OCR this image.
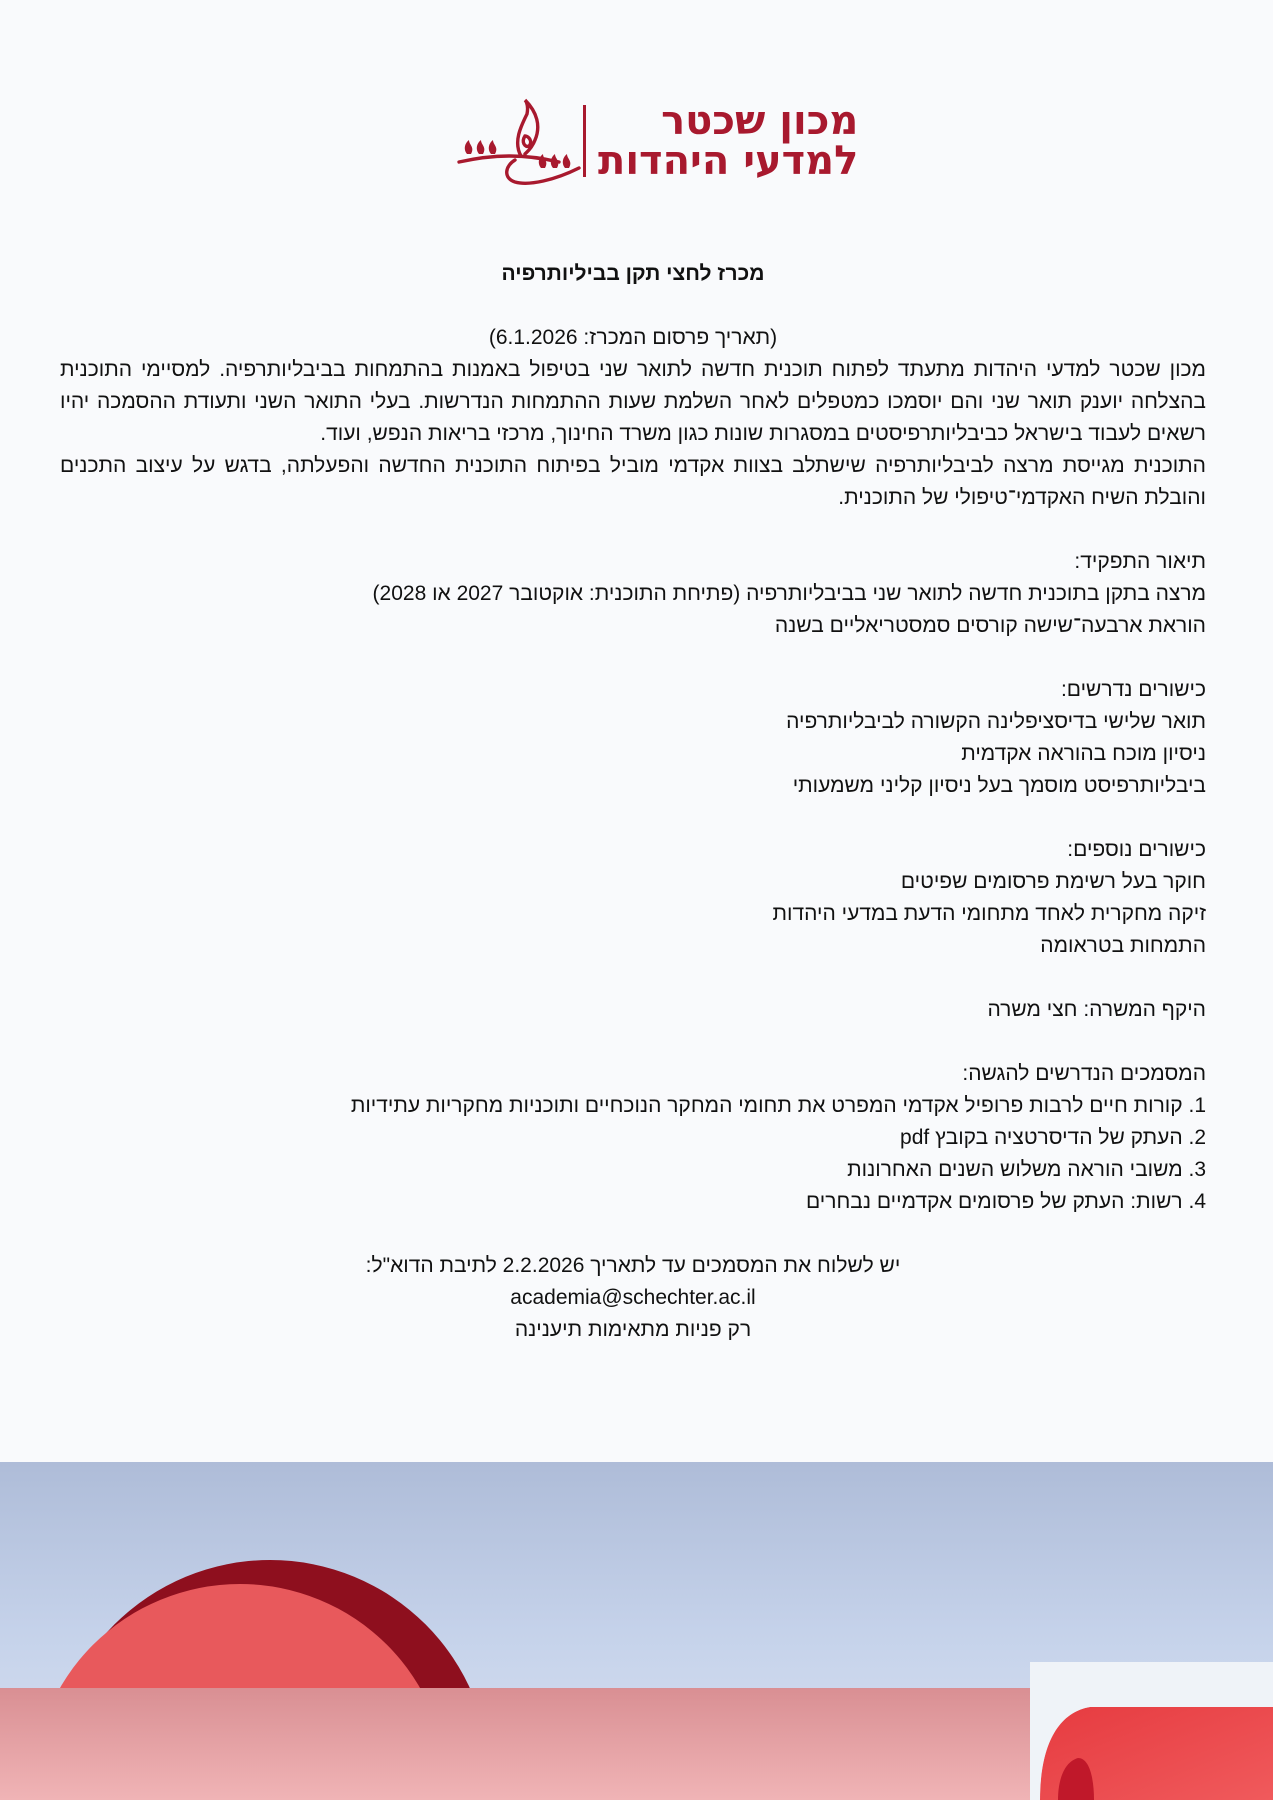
מכון שכטר
למדעי היהדות
מכרז לחצי תקן בביליותרפיה
(תאריך פרסום המכרז: 6.1.2026)
מכון שכטר למדעי היהדות מתעתד לפתוח תוכנית חדשה לתואר שני בטיפול באמנות בהתמחות בביבליותרפיה. למסיימי התוכנית בהצלחה יוענק תואר שני והם יוסמכו כמטפלים לאחר השלמת שעות ההתמחות הנדרשות. בעלי התואר השני ותעודת ההסמכה יהיו רשאים לעבוד בישראל כביבליותרפיסטים במסגרות שונות כגון משרד החינוך, מרכזי בריאות הנפש, ועוד.
התוכנית מגייסת מרצה לביבליותרפיה שישתלב בצוות אקדמי מוביל בפיתוח התוכנית החדשה והפעלתה, בדגש על עיצוב התכנים והובלת השיח האקדמי־טיפולי של התוכנית.
תיאור התפקיד:
מרצה בתקן בתוכנית חדשה לתואר שני בביבליותרפיה (פתיחת התוכנית: אוקטובר 2027 או 2028)
הוראת ארבעה־שישה קורסים סמסטריאליים בשנה
כישורים נדרשים:
תואר שלישי בדיסציפלינה הקשורה לביבליותרפיה
ניסיון מוכח בהוראה אקדמית
ביבליותרפיסט מוסמך בעל ניסיון קליני משמעותי
כישורים נוספים:
חוקר בעל רשימת פרסומים שפיטים
זיקה מחקרית לאחד מתחומי הדעת במדעי היהדות
התמחות בטראומה
היקף המשרה: חצי משרה
המסמכים הנדרשים להגשה:
1. קורות חיים לרבות פרופיל אקדמי המפרט את תחומי המחקר הנוכחיים ותוכניות מחקריות עתידיות
2. העתק של הדיסרטציה בקובץ pdf
3. משובי הוראה משלוש השנים האחרונות
4. רשות: העתק של פרסומים אקדמיים נבחרים
יש לשלוח את המסמכים עד לתאריך 2.2.2026 לתיבת הדוא"ל:
academia@schechter.ac.il
רק פניות מתאימות תיענינה
